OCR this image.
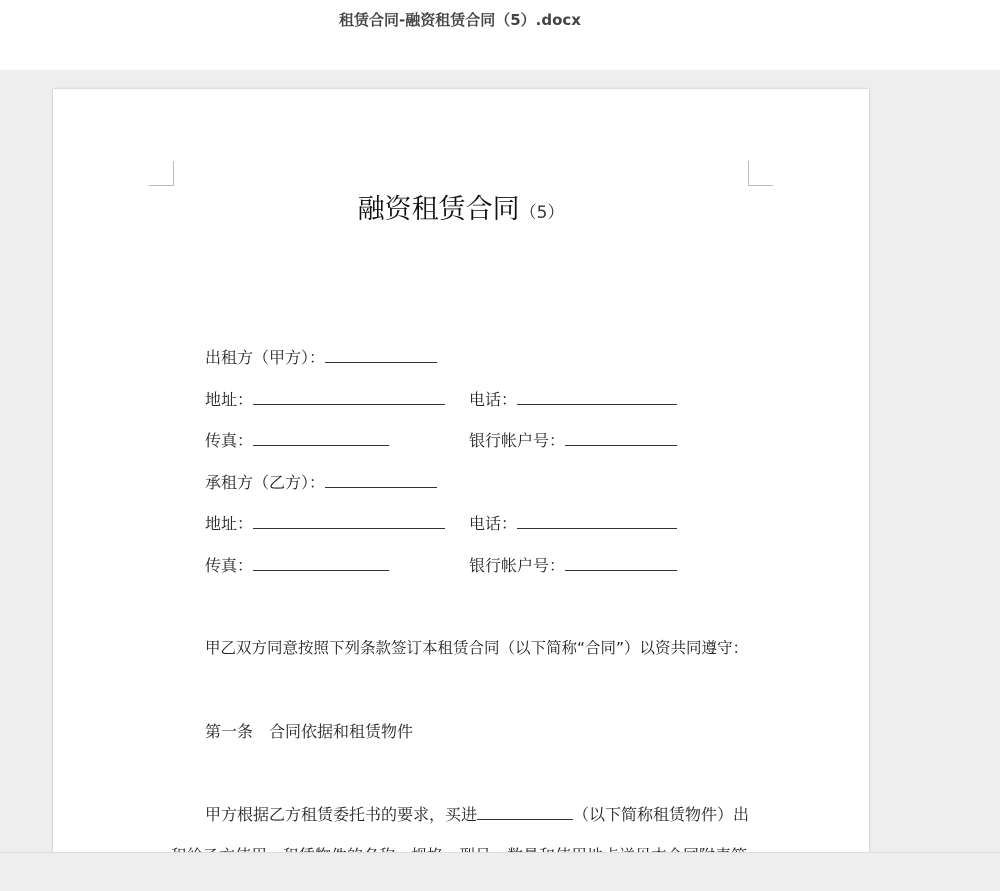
租赁合同-融资租赁合同（5）.docx
融资租赁合同（5）
出租方（甲方）：
地址：	电话：
传真：	银行帐户号：
承租方（乙方）：
地址：	电话：
传真：	银行帐户号：
甲乙双方同意按照下列条款签订本租赁合同（以下简称“合同”）以资共同遵守：
第一条　合同依据和租赁物件
甲方根据乙方租赁委托书的要求，买进	（以下简称租赁物件）出
